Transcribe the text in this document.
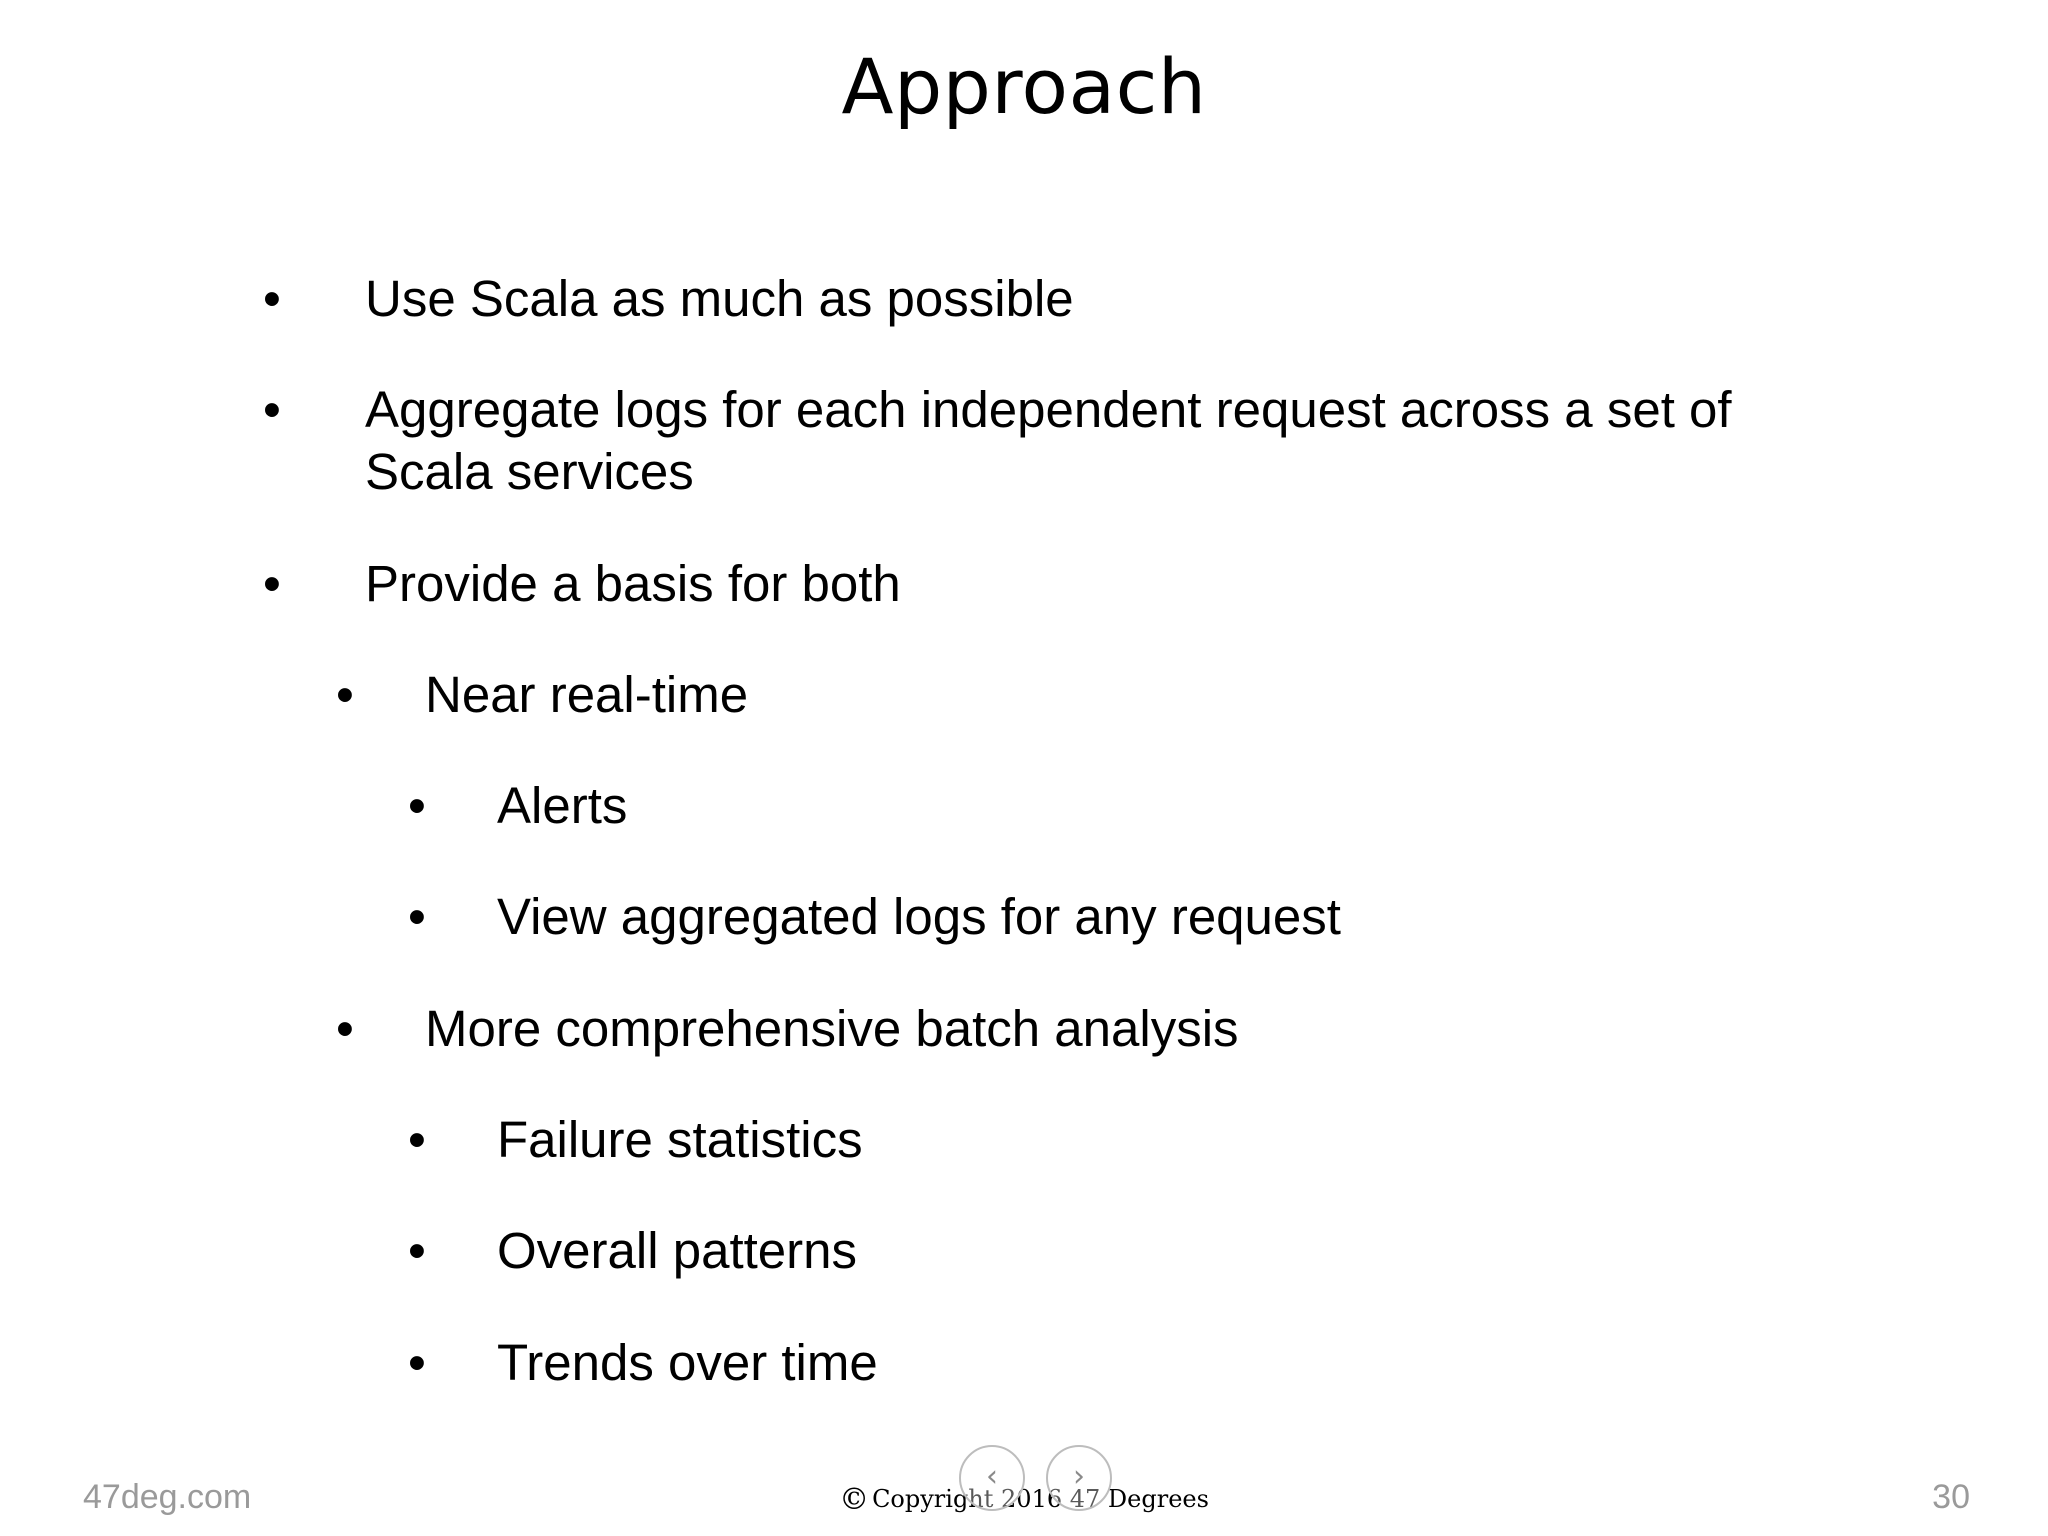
Approach
• Use Scala as much as possible
• Aggregate logs for each independent request across a set of Scala services
• Provide a basis for both
• Near real-time
• Alerts
• View aggregated logs for any request
• More comprehensive batch analysis
• Failure statistics
• Overall patterns
• Trends over time
47deg.com	© Copyright 2016 47 Degrees	30
‹	›
